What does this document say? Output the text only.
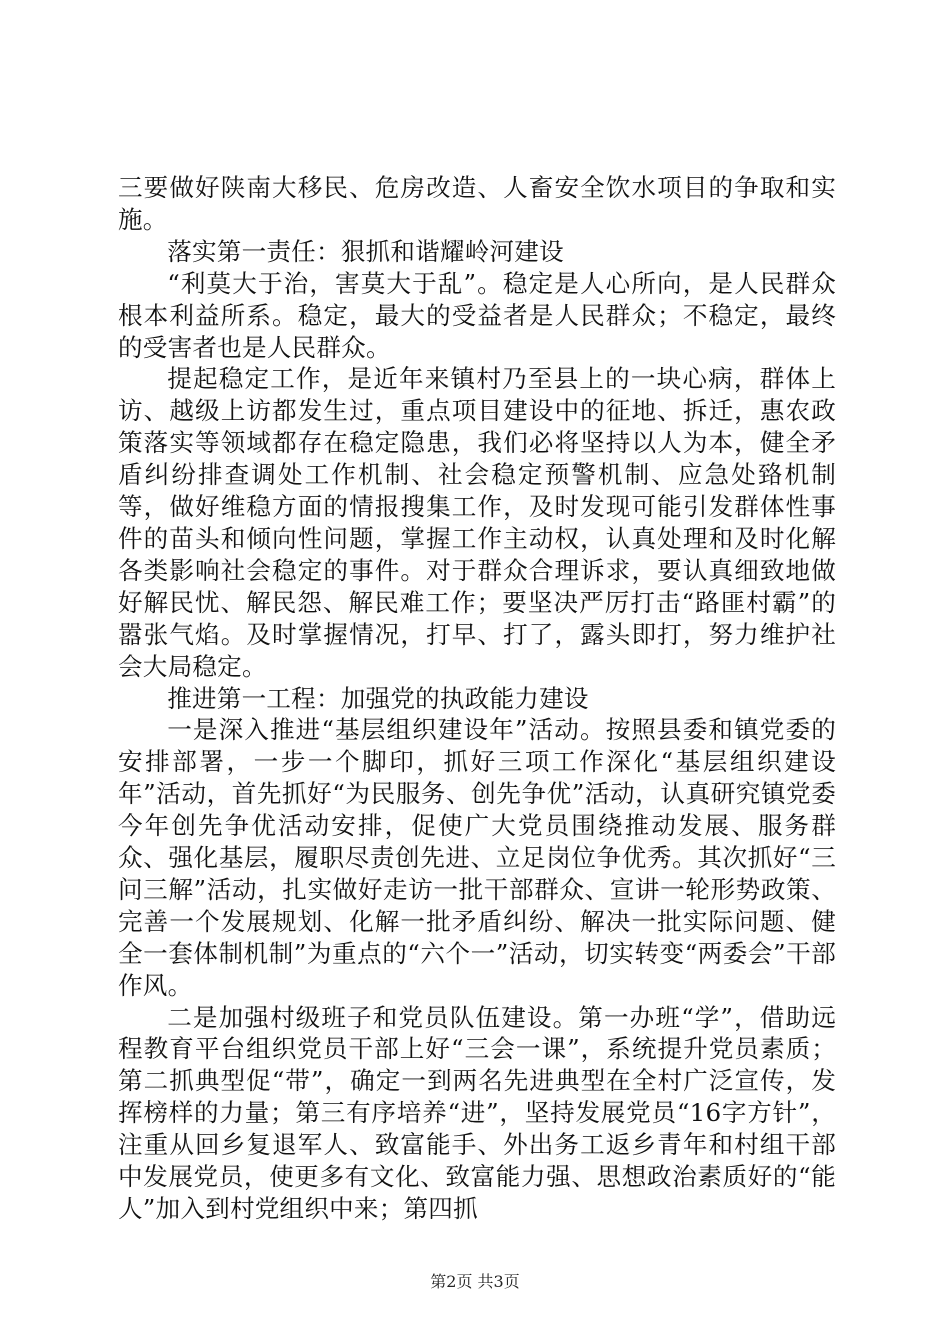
三要做好陕南大移民、危房改造、人畜安全饮水项目的争取和实施。

落实第一责任：狠抓和谐耀岭河建设

“利莫大于治，害莫大于乱”。稳定是人心所向，是人民群众根本利益所系。稳定，最大的受益者是人民群众；不稳定，最终的受害者也是人民群众。

提起稳定工作，是近年来镇村乃至县上的一块心病，群体上访、越级上访都发生过，重点项目建设中的征地、拆迁，惠农政策落实等领域都存在稳定隐患，我们必将坚持以人为本，健全矛盾纠纷排查调处工作机制、社会稳定预警机制、应急处臵机制等，做好维稳方面的情报搜集工作，及时发现可能引发群体性事件的苗头和倾向性问题，掌握工作主动权，认真处理和及时化解各类影响社会稳定的事件。对于群众合理诉求，要认真细致地做好解民忧、解民怨、解民难工作；要坚决严厉打击“路匪村霸”的嚣张气焰。及时掌握情况，打早、打了，露头即打，努力维护社会大局稳定。

推进第一工程：加强党的执政能力建设

一是深入推进“基层组织建设年”活动。按照县委和镇党委的安排部署，一步一个脚印，抓好三项工作深化“基层组织建设年”活动，首先抓好“为民服务、创先争优”活动，认真研究镇党委今年创先争优活动安排，促使广大党员围绕推动发展、服务群众、强化基层，履职尽责创先进、立足岗位争优秀。其次抓好“三问三解”活动，扎实做好走访一批干部群众、宣讲一轮形势政策、完善一个发展规划、化解一批矛盾纠纷、解决一批实际问题、健全一套体制机制”为重点的“六个一”活动，切实转变“两委会”干部作风。

二是加强村级班子和党员队伍建设。第一办班“学”，借助远程教育平台组织党员干部上好“三会一课”，系统提升党员素质；第二抓典型促“带”，确定一到两名先进典型在全村广泛宣传，发挥榜样的力量；第三有序培养“进”，坚持发展党员“16字方针”，注重从回乡复退军人、致富能手、外出务工返乡青年和村组干部中发展党员，使更多有文化、致富能力强、思想政治素质好的“能人”加入到村党组织中来；第四抓

第2页 共3页
